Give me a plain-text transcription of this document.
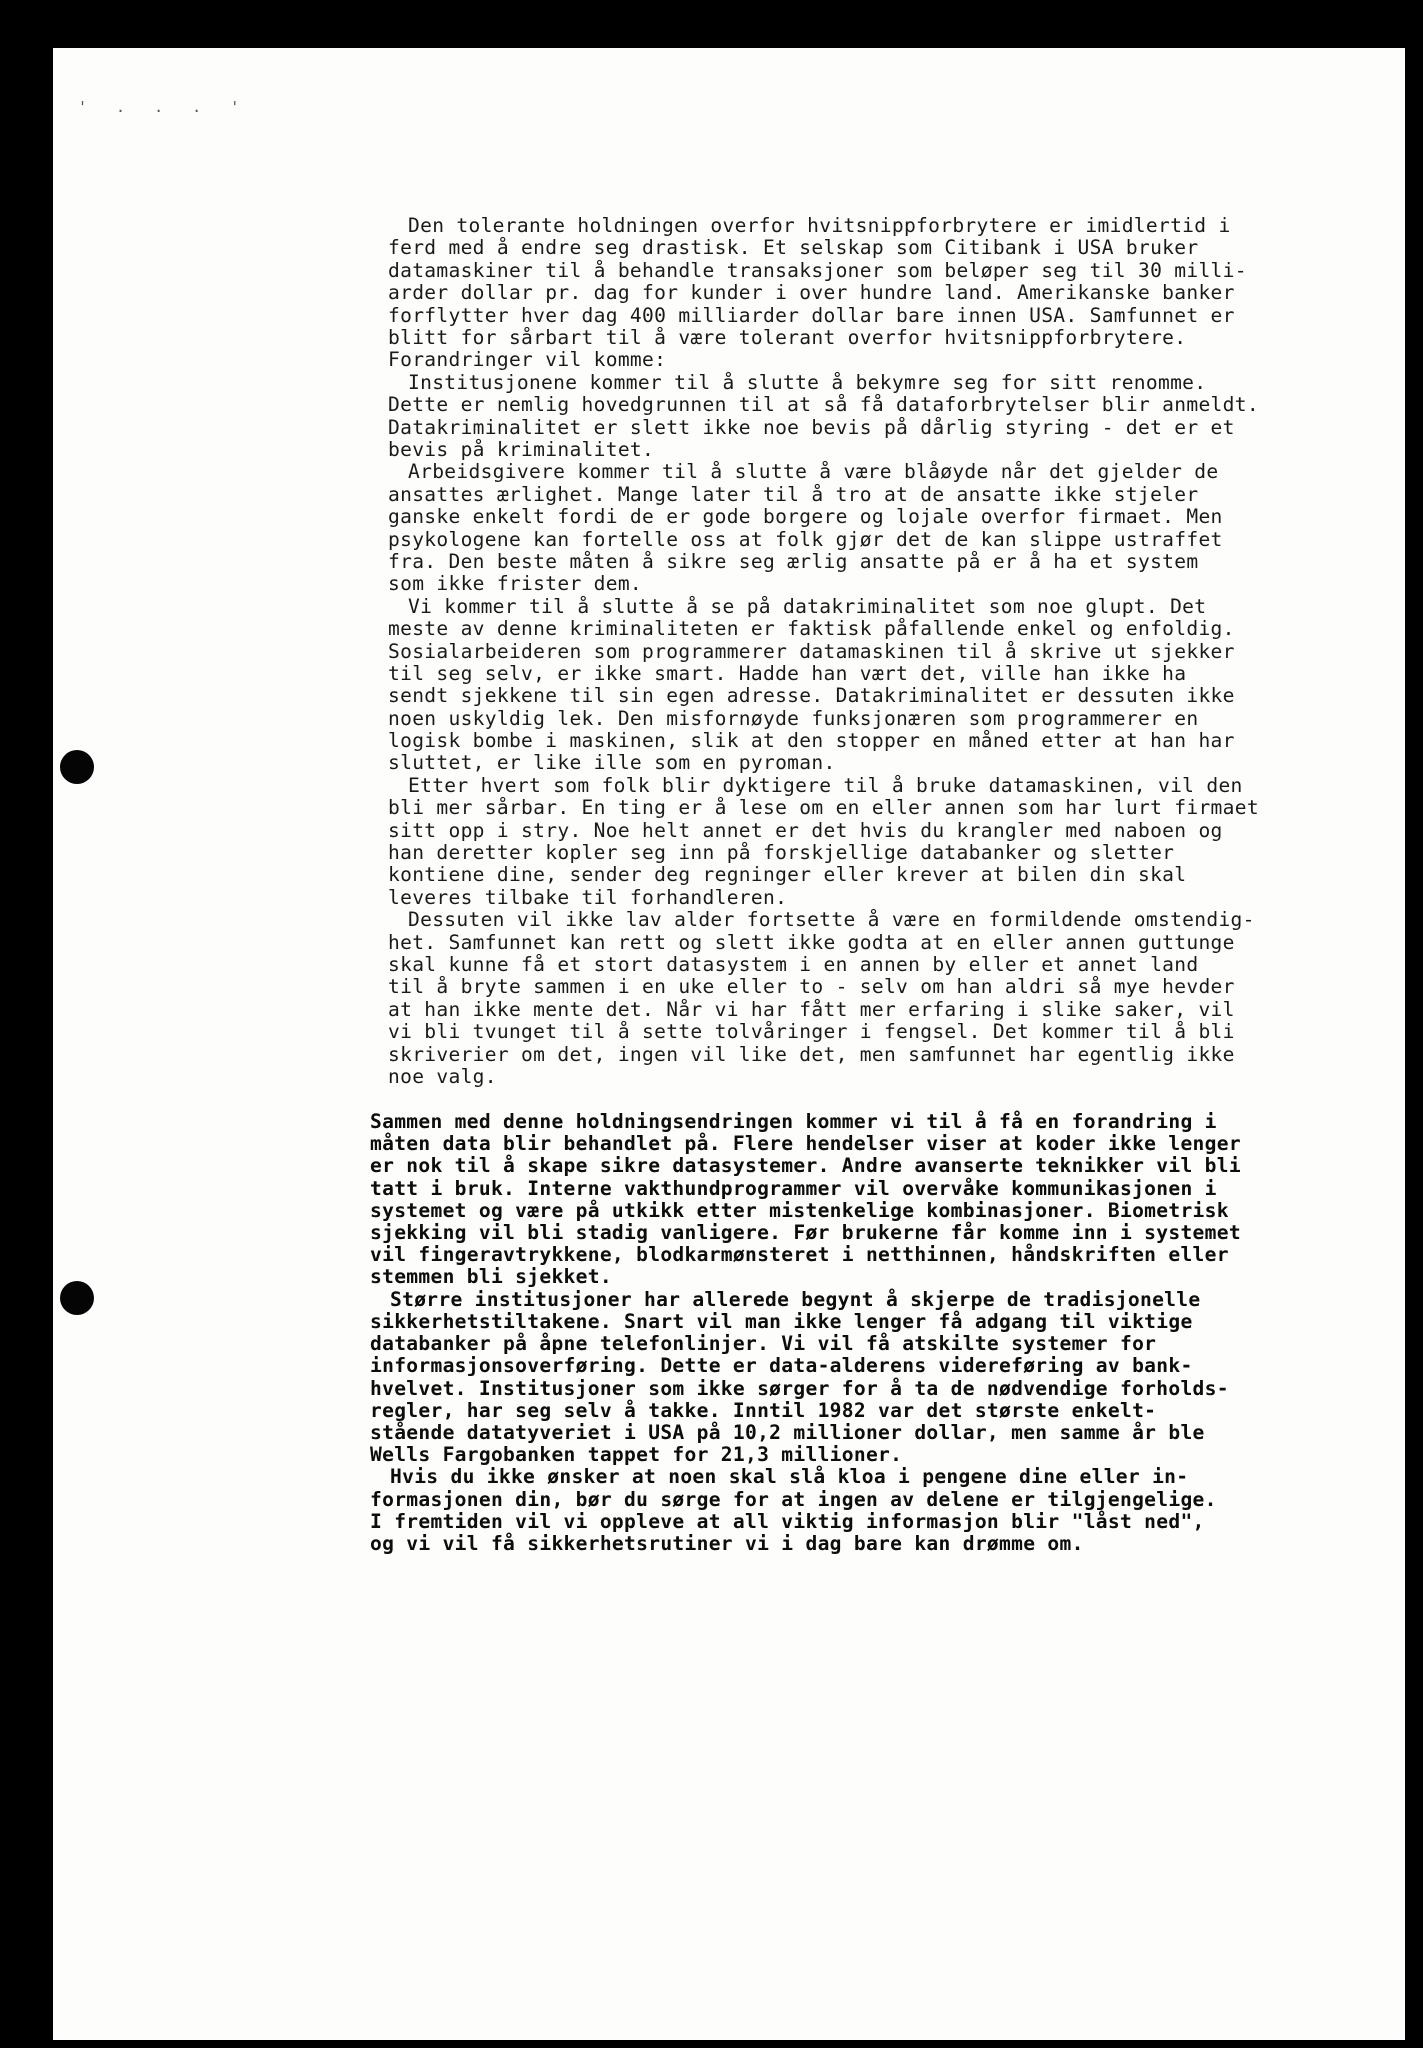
' . . . '
Den tolerante holdningen overfor hvitsnippforbrytere er imidlertid i
ferd med å endre seg drastisk. Et selskap som Citibank i USA bruker
datamaskiner til å behandle transaksjoner som beløper seg til 30 milli-
arder dollar pr. dag for kunder i over hundre land. Amerikanske banker
forflytter hver dag 400 milliarder dollar bare innen USA. Samfunnet er
blitt for sårbart til å være tolerant overfor hvitsnippforbrytere.
Forandringer vil komme:
Institusjonene kommer til å slutte å bekymre seg for sitt renomme.
Dette er nemlig hovedgrunnen til at så få dataforbrytelser blir anmeldt.
Datakriminalitet er slett ikke noe bevis på dårlig styring - det er et
bevis på kriminalitet.
Arbeidsgivere kommer til å slutte å være blåøyde når det gjelder de
ansattes ærlighet. Mange later til å tro at de ansatte ikke stjeler
ganske enkelt fordi de er gode borgere og lojale overfor firmaet. Men
psykologene kan fortelle oss at folk gjør det de kan slippe ustraffet
fra. Den beste måten å sikre seg ærlig ansatte på er å ha et system
som ikke frister dem.
Vi kommer til å slutte å se på datakriminalitet som noe glupt. Det
meste av denne kriminaliteten er faktisk påfallende enkel og enfoldig.
Sosialarbeideren som programmerer datamaskinen til å skrive ut sjekker
til seg selv, er ikke smart. Hadde han vært det, ville han ikke ha
sendt sjekkene til sin egen adresse. Datakriminalitet er dessuten ikke
noen uskyldig lek. Den misfornøyde funksjonæren som programmerer en
logisk bombe i maskinen, slik at den stopper en måned etter at han har
sluttet, er like ille som en pyroman.
Etter hvert som folk blir dyktigere til å bruke datamaskinen, vil den
bli mer sårbar. En ting er å lese om en eller annen som har lurt firmaet
sitt opp i stry. Noe helt annet er det hvis du krangler med naboen og
han deretter kopler seg inn på forskjellige databanker og sletter
kontiene dine, sender deg regninger eller krever at bilen din skal
leveres tilbake til forhandleren.
Dessuten vil ikke lav alder fortsette å være en formildende omstendig-
het. Samfunnet kan rett og slett ikke godta at en eller annen guttunge
skal kunne få et stort datasystem i en annen by eller et annet land
til å bryte sammen i en uke eller to - selv om han aldri så mye hevder
at han ikke mente det. Når vi har fått mer erfaring i slike saker, vil
vi bli tvunget til å sette tolvåringer i fengsel. Det kommer til å bli
skriverier om det, ingen vil like det, men samfunnet har egentlig ikke
noe valg.
Sammen med denne holdningsendringen kommer vi til å få en forandring i
måten data blir behandlet på. Flere hendelser viser at koder ikke lenger
er nok til å skape sikre datasystemer. Andre avanserte teknikker vil bli
tatt i bruk. Interne vakthundprogrammer vil overvåke kommunikasjonen i
systemet og være på utkikk etter mistenkelige kombinasjoner. Biometrisk
sjekking vil bli stadig vanligere. Før brukerne får komme inn i systemet
vil fingeravtrykkene, blodkarmønsteret i netthinnen, håndskriften eller
stemmen bli sjekket.
Større institusjoner har allerede begynt å skjerpe de tradisjonelle
sikkerhetstiltakene. Snart vil man ikke lenger få adgang til viktige
databanker på åpne telefonlinjer. Vi vil få atskilte systemer for
informasjonsoverføring. Dette er data-alderens videreføring av bank-
hvelvet. Institusjoner som ikke sørger for å ta de nødvendige forholds-
regler, har seg selv å takke. Inntil 1982 var det største enkelt-
stående datatyveriet i USA på 10,2 millioner dollar, men samme år ble
Wells Fargobanken tappet for 21,3 millioner.
Hvis du ikke ønsker at noen skal slå kloa i pengene dine eller in-
formasjonen din, bør du sørge for at ingen av delene er tilgjengelige.
I fremtiden vil vi oppleve at all viktig informasjon blir "låst ned",
og vi vil få sikkerhetsrutiner vi i dag bare kan drømme om.
